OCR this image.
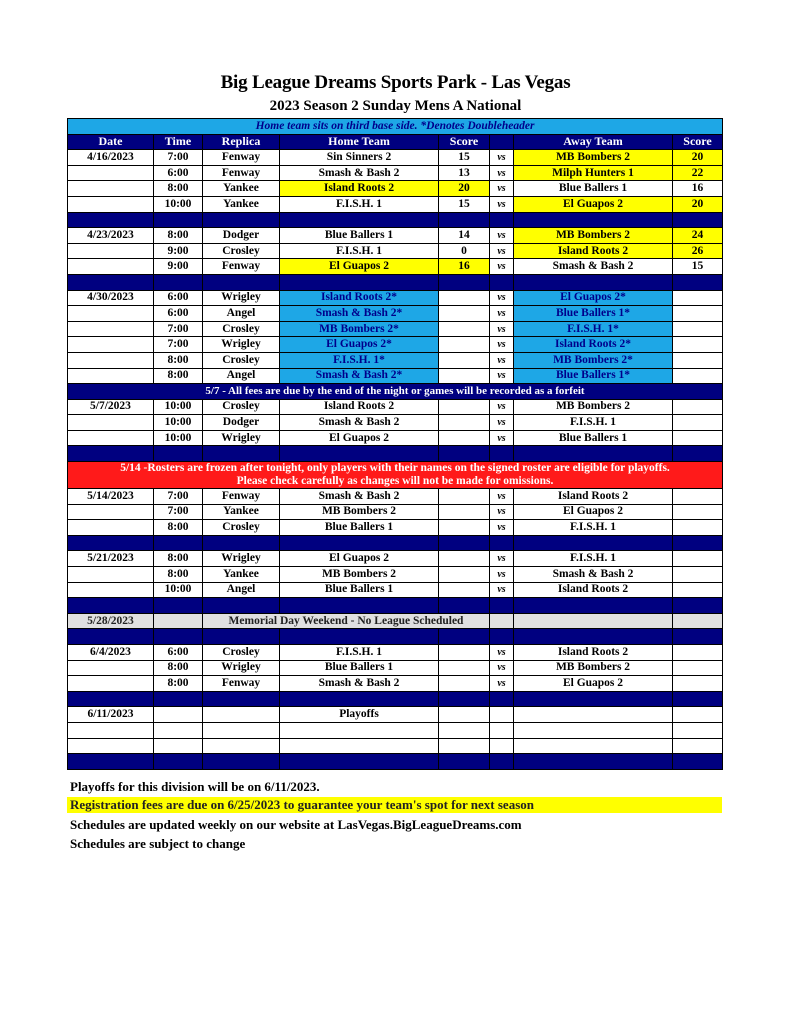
Big League Dreams Sports Park - Las Vegas
2023 Season 2 Sunday Mens A National
Home team sits on third base side. *Denotes Doubleheader							
Date	Time	Replica	Home Team	Score		Away Team	Score
4/16/2023	7:00	Fenway	Sin Sinners 2	15	vs	MB Bombers 2	20
	6:00	Fenway	Smash & Bash 2	13	vs	Milph Hunters 1	22
	8:00	Yankee	Island Roots 2	20	vs	Blue Ballers 1	16
	10:00	Yankee	F.I.S.H. 1	15	vs	El Guapos 2	20

4/23/2023	8:00	Dodger	Blue Ballers 1	14	vs	MB Bombers 2	24
	9:00	Crosley	F.I.S.H. 1	0	vs	Island Roots 2	26
	9:00	Fenway	El Guapos 2	16	vs	Smash & Bash 2	15

4/30/2023	6:00	Wrigley	Island Roots 2*		vs	El Guapos 2*	
	6:00	Angel	Smash & Bash 2*		vs	Blue Ballers 1*	
	7:00	Crosley	MB Bombers 2*		vs	F.I.S.H. 1*	
	7:00	Wrigley	El Guapos 2*		vs	Island Roots 2*	
	8:00	Crosley	F.I.S.H. 1*		vs	MB Bombers 2*	
	8:00	Angel	Smash & Bash 2*		vs	Blue Ballers 1*	
5/7 - All fees are due by the end of the night or games will be recorded as a forfeit							
5/7/2023	10:00	Crosley	Island Roots 2		vs	MB Bombers 2	
	10:00	Dodger	Smash & Bash 2		vs	F.I.S.H. 1	
	10:00	Wrigley	El Guapos 2		vs	Blue Ballers 1	

5/14 -Rosters are frozen after tonight, only players with their names on the signed roster are eligible for playoffs.
Please check carefully as changes will not be made for omissions.							

5/14/2023	7:00	Fenway	Smash & Bash 2		vs	Island Roots 2	
	7:00	Yankee	MB Bombers 2		vs	El Guapos 2	
	8:00	Crosley	Blue Ballers 1		vs	F.I.S.H. 1	

5/21/2023	8:00	Wrigley	El Guapos 2		vs	F.I.S.H. 1	
	8:00	Yankee	MB Bombers 2		vs	Smash & Bash 2	
	10:00	Angel	Blue Ballers 1		vs	Island Roots 2	

5/28/2023		Memorial Day Weekend - No League Scheduled					

6/4/2023	6:00	Crosley	F.I.S.H. 1		vs	Island Roots 2	
	8:00	Wrigley	Blue Ballers 1		vs	MB Bombers 2	
	8:00	Fenway	Smash & Bash 2		vs	El Guapos 2	

6/11/2023			Playoffs				

Playoffs for this division will be on 6/11/2023.
Registration fees are due on 6/25/2023 to guarantee your team's spot for next season
Schedules are updated weekly on our website at LasVegas.BigLeagueDreams.com
Schedules are subject to change
